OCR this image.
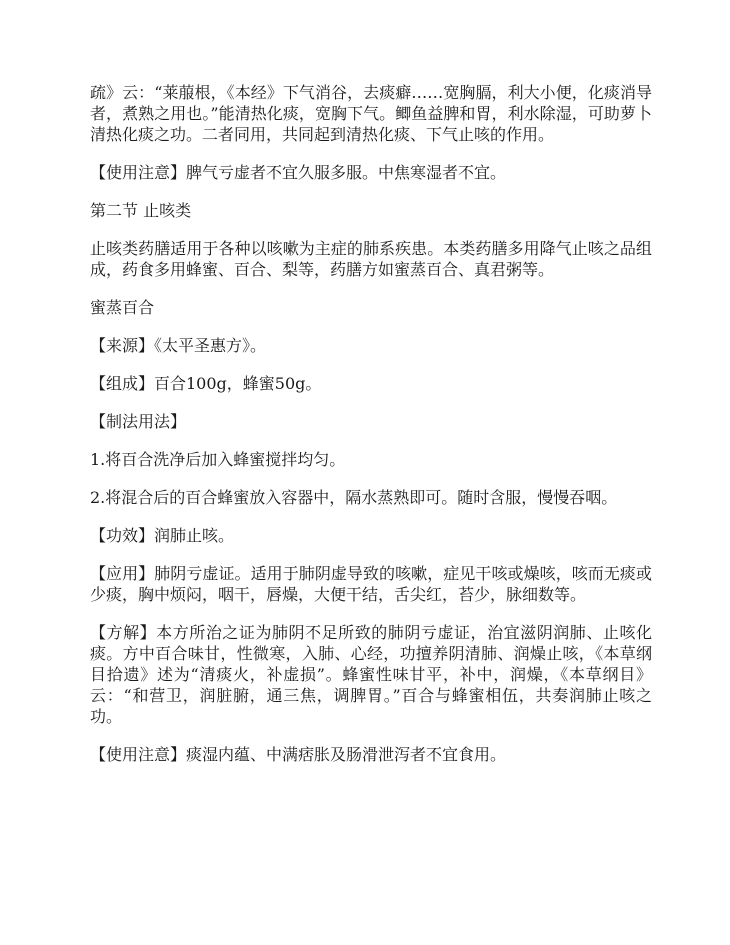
疏》云：“莱菔根，《本经》下气消谷，去痰癖……宽胸膈，利大小便，化痰消导者，煮熟之用也。”能清热化痰，宽胸下气。鲫鱼益脾和胃，利水除湿，可助萝卜清热化痰之功。二者同用，共同起到清热化痰、下气止咳的作用。

【使用注意】脾气亏虚者不宜久服多服。中焦寒湿者不宜。

第二节 止咳类

止咳类药膳适用于各种以咳嗽为主症的肺系疾患。本类药膳多用降气止咳之品组成，药食多用蜂蜜、百合、梨等，药膳方如蜜蒸百合、真君粥等。

蜜蒸百合

【来源】《太平圣惠方》。

【组成】百合100g，蜂蜜50g。

【制法用法】

1.将百合洗净后加入蜂蜜搅拌均匀。

2.将混合后的百合蜂蜜放入容器中，隔水蒸熟即可。随时含服，慢慢吞咽。

【功效】润肺止咳。

【应用】肺阴亏虚证。适用于肺阴虚导致的咳嗽，症见干咳或燥咳，咳而无痰或少痰，胸中烦闷，咽干，唇燥，大便干结，舌尖红，苔少，脉细数等。

【方解】本方所治之证为肺阴不足所致的肺阴亏虚证，治宜滋阴润肺、止咳化痰。方中百合味甘，性微寒，入肺、心经，功擅养阴清肺、润燥止咳，《本草纲目拾遗》述为“清痰火，补虚损”。蜂蜜性味甘平，补中，润燥，《本草纲目》云：“和营卫，润脏腑，通三焦，调脾胃。”百合与蜂蜜相伍，共奏润肺止咳之功。

【使用注意】痰湿内蕴、中满痞胀及肠滑泄泻者不宜食用。
